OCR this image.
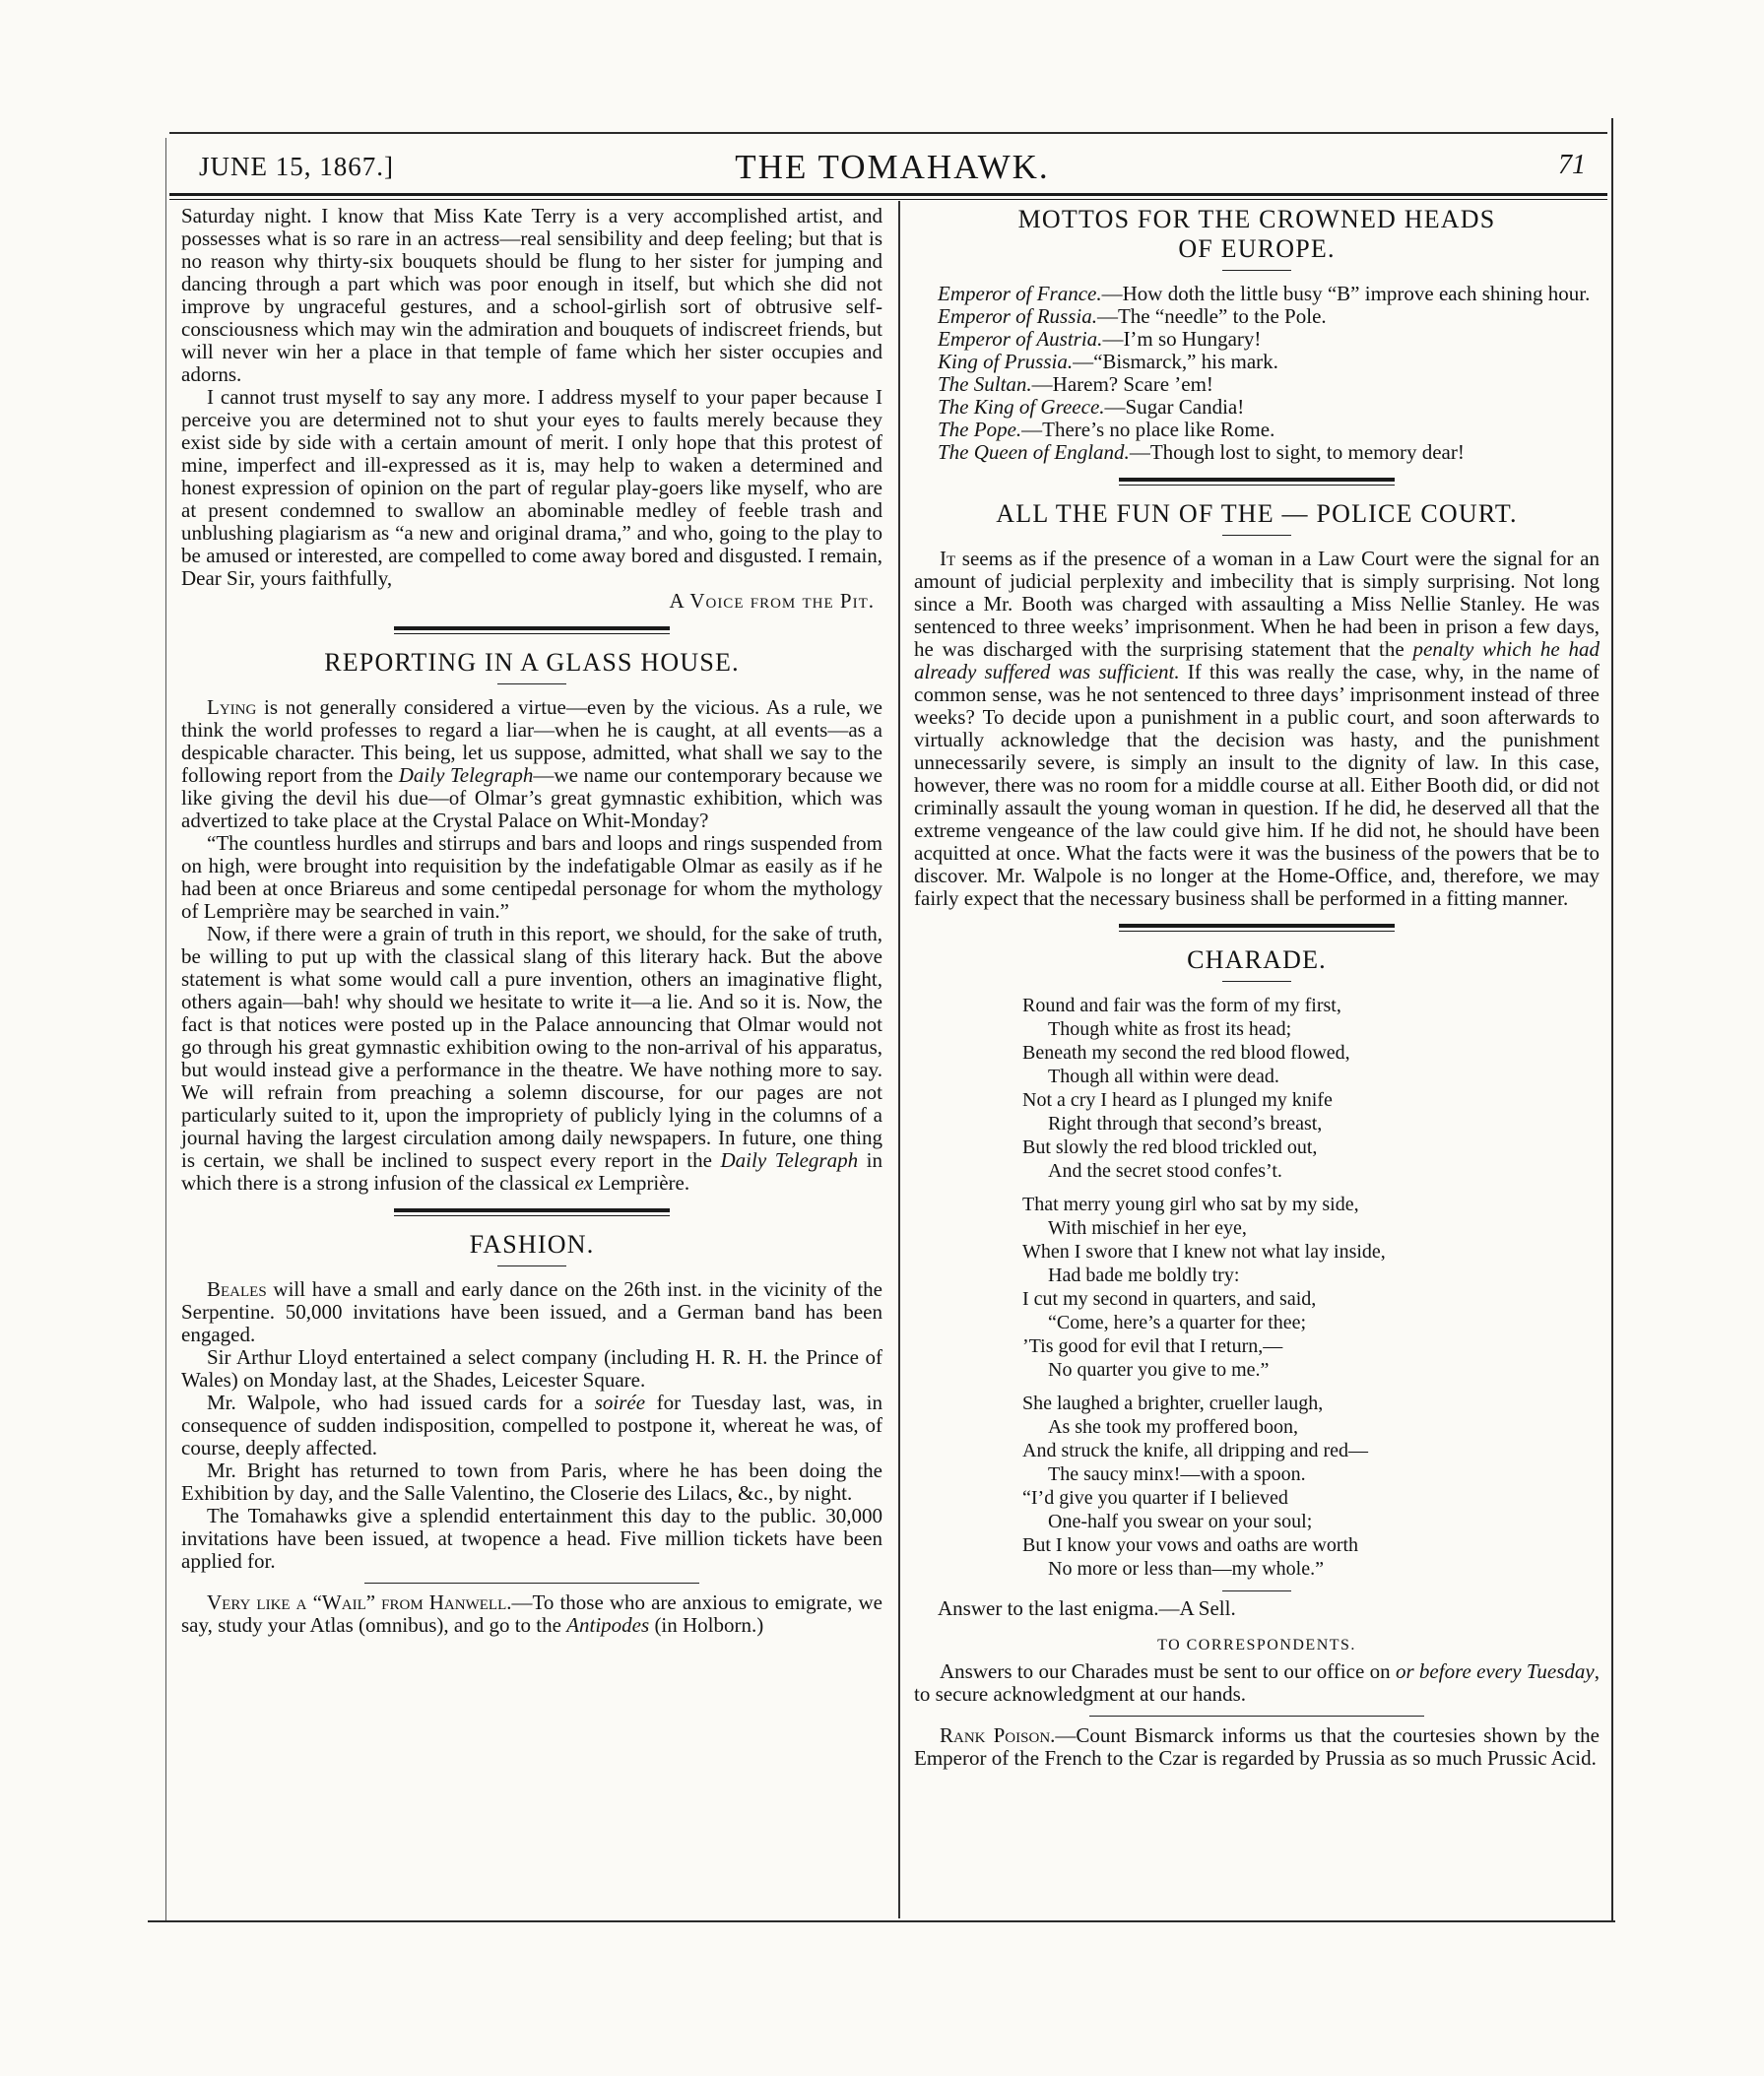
JUNE 15, 1867.]	THE TOMAHAWK.	71

Saturday night. I know that Miss Kate Terry is a very accomplished artist, and possesses what is so rare in an actress—real sensibility and deep feeling; but that is no reason why thirty-six bouquets should be flung to her sister for jumping and dancing through a part which was poor enough in itself, but which she did not improve by ungraceful gestures, and a school-girlish sort of obtrusive self-consciousness which may win the admiration and bouquets of indiscreet friends, but will never win her a place in that temple of fame which her sister occupies and adorns.

I cannot trust myself to say any more. I address myself to your paper because I perceive you are determined not to shut your eyes to faults merely because they exist side by side with a certain amount of merit. I only hope that this protest of mine, imperfect and ill-expressed as it is, may help to waken a determined and honest expression of opinion on the part of regular play-goers like myself, who are at present condemned to swallow an abominable medley of feeble trash and unblushing plagiarism as “a new and original drama,” and who, going to the play to be amused or interested, are compelled to come away bored and disgusted. I remain, Dear Sir, yours faithfully,

A Voice from the Pit.

REPORTING IN A GLASS HOUSE.

Lying is not generally considered a virtue—even by the vicious. As a rule, we think the world professes to regard a liar—when he is caught, at all events—as a despicable character. This being, let us suppose, admitted, what shall we say to the following report from the Daily Telegraph—we name our contemporary because we like giving the devil his due—of Olmar’s great gymnastic exhibition, which was advertized to take place at the Crystal Palace on Whit-Monday?

“The countless hurdles and stirrups and bars and loops and rings suspended from on high, were brought into requisition by the indefatigable Olmar as easily as if he had been at once Briareus and some centipedal personage for whom the mythology of Lemprière may be searched in vain.”

Now, if there were a grain of truth in this report, we should, for the sake of truth, be willing to put up with the classical slang of this literary hack. But the above statement is what some would call a pure invention, others an imaginative flight, others again—bah! why should we hesitate to write it—a lie. And so it is. Now, the fact is that notices were posted up in the Palace announcing that Olmar would not go through his great gymnastic exhibition owing to the non-arrival of his apparatus, but would instead give a performance in the theatre. We have nothing more to say. We will refrain from preaching a solemn discourse, for our pages are not particularly suited to it, upon the impropriety of publicly lying in the columns of a journal having the largest circulation among daily newspapers. In future, one thing is certain, we shall be inclined to suspect every report in the Daily Telegraph in which there is a strong infusion of the classical ex Lemprière.

FASHION.

Beales will have a small and early dance on the 26th inst. in the vicinity of the Serpentine. 50,000 invitations have been issued, and a German band has been engaged.

Sir Arthur Lloyd entertained a select company (including H. R. H. the Prince of Wales) on Monday last, at the Shades, Leicester Square.

Mr. Walpole, who had issued cards for a soirée for Tuesday last, was, in consequence of sudden indisposition, compelled to postpone it, whereat he was, of course, deeply affected.

Mr. Bright has returned to town from Paris, where he has been doing the Exhibition by day, and the Salle Valentino, the Closerie des Lilacs, &c., by night.

The Tomahawks give a splendid entertainment this day to the public. 30,000 invitations have been issued, at twopence a head. Five million tickets have been applied for.

Very like a “Wail” from Hanwell.—To those who are anxious to emigrate, we say, study your Atlas (omnibus), and go to the Antipodes (in Holborn.)

MOTTOS FOR THE CROWNED HEADS
OF EUROPE.

Emperor of France.—How doth the little busy “B” improve each shining hour.

Emperor of Russia.—The “needle” to the Pole.

Emperor of Austria.—I’m so Hungary!

King of Prussia.—“Bismarck,” his mark.

The Sultan.—Harem? Scare ’em!

The King of Greece.—Sugar Candia!

The Pope.—There’s no place like Rome.

The Queen of England.—Though lost to sight, to memory dear!

ALL THE FUN OF THE — POLICE COURT.

It seems as if the presence of a woman in a Law Court were the signal for an amount of judicial perplexity and imbecility that is simply surprising. Not long since a Mr. Booth was charged with assaulting a Miss Nellie Stanley. He was sentenced to three weeks’ imprisonment. When he had been in prison a few days, he was discharged with the surprising statement that the penalty which he had already suffered was sufficient. If this was really the case, why, in the name of common sense, was he not sentenced to three days’ imprisonment instead of three weeks? To decide upon a punishment in a public court, and soon afterwards to virtually acknowledge that the decision was hasty, and the punishment unnecessarily severe, is simply an insult to the dignity of law. In this case, however, there was no room for a middle course at all. Either Booth did, or did not criminally assault the young woman in question. If he did, he deserved all that the extreme vengeance of the law could give him. If he did not, he should have been acquitted at once. What the facts were it was the business of the powers that be to discover. Mr. Walpole is no longer at the Home-Office, and, therefore, we may fairly expect that the necessary business shall be performed in a fitting manner.

CHARADE.
Round and fair was the form of my first,
Though white as frost its head;
Beneath my second the red blood flowed,
Though all within were dead.
Not a cry I heard as I plunged my knife
Right through that second’s breast,
But slowly the red blood trickled out,
And the secret stood confes’t.
That merry young girl who sat by my side,
With mischief in her eye,
When I swore that I knew not what lay inside,
Had bade me boldly try:
I cut my second in quarters, and said,
“Come, here’s a quarter for thee;
’Tis good for evil that I return,—
No quarter you give to me.”
She laughed a brighter, crueller laugh,
As she took my proffered boon,
And struck the knife, all dripping and red—
The saucy minx!—with a spoon.
“I’d give you quarter if I believed
One-half you swear on your soul;
But I know your vows and oaths are worth
No more or less than—my whole.”

Answer to the last enigma.—A Sell.

TO CORRESPONDENTS.

Answers to our Charades must be sent to our office on or before every Tuesday, to secure acknowledgment at our hands.

Rank Poison.—Count Bismarck informs us that the courtesies shown by the Emperor of the French to the Czar is regarded by Prussia as so much Prussic Acid.
